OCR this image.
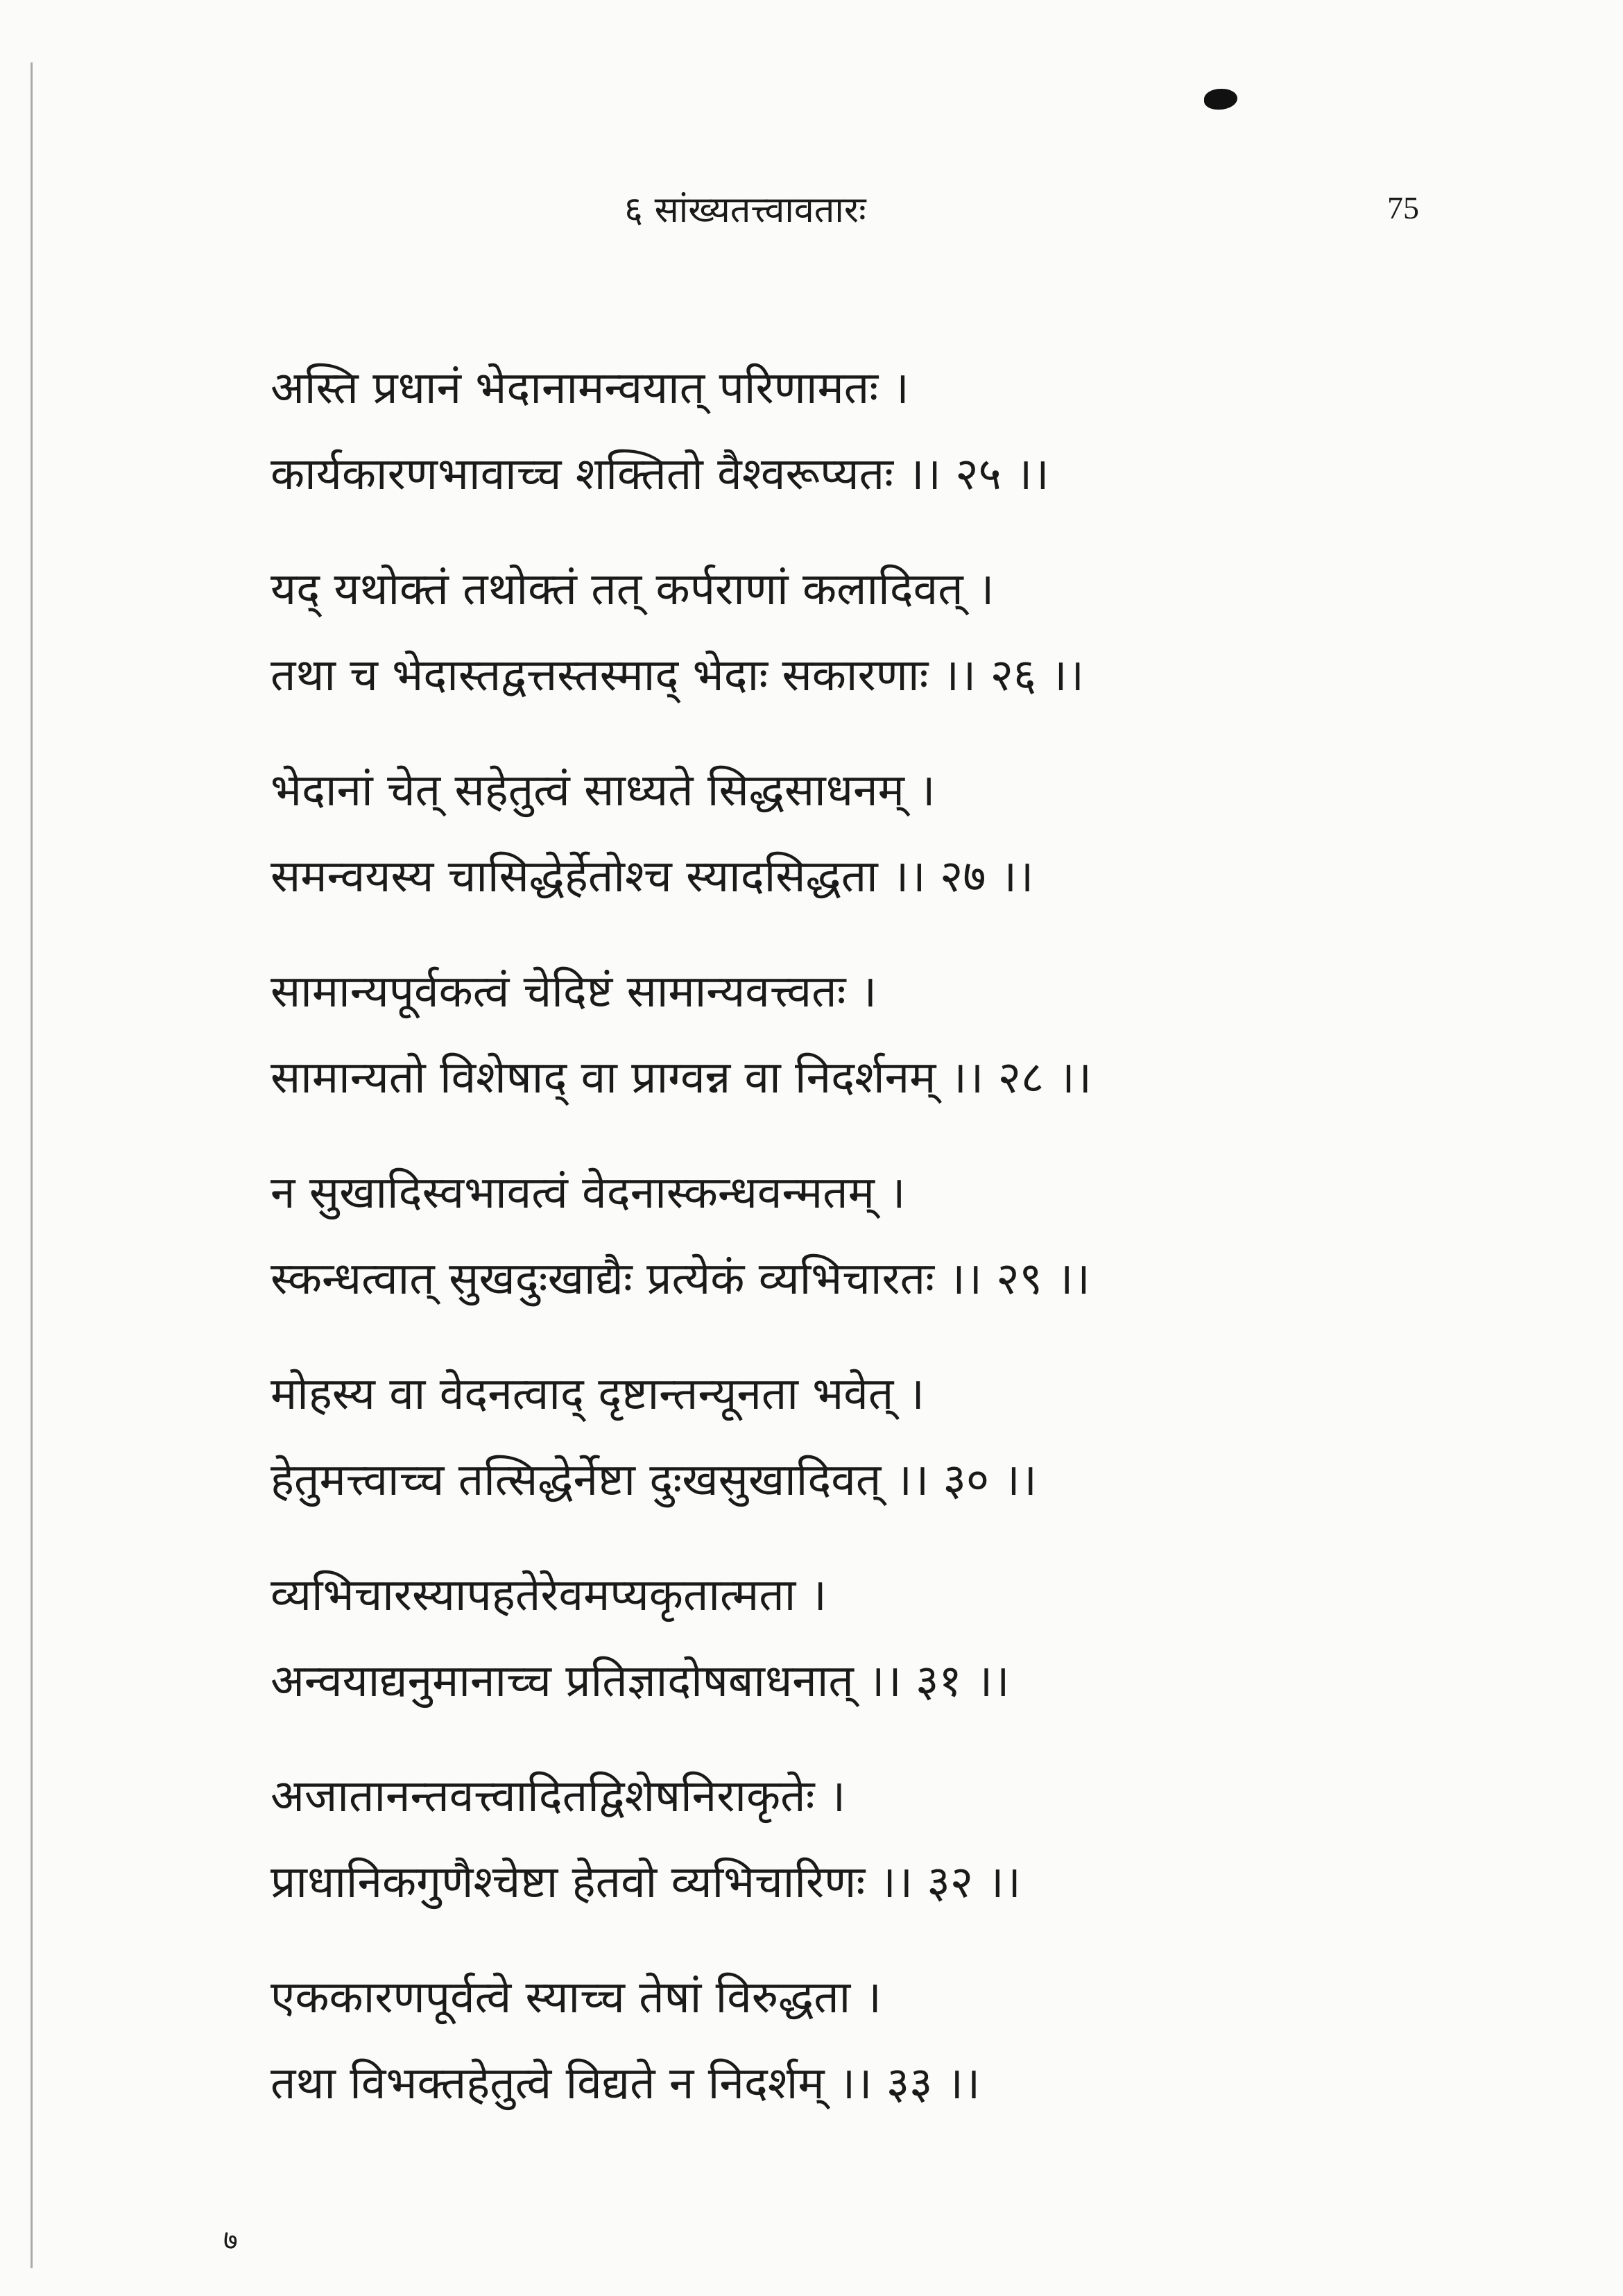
६ सांख्यतत्त्वावतारः	75
अस्ति प्रधानं भेदानामन्वयात् परिणामतः ।
कार्यकारणभावाच्च शक्तितो वैश्वरूप्यतः ।। २५ ।।
यद् यथोक्तं तथोक्तं तत् कर्पराणां कलादिवत् ।
तथा च भेदास्तद्वत्तस्तस्माद् भेदाः सकारणाः ।। २६ ।।
भेदानां चेत् सहेतुत्वं साध्यते सिद्धसाधनम् ।
समन्वयस्य चासिद्धेर्हेतोश्च स्यादसिद्धता ।। २७ ।।
सामान्यपूर्वकत्वं चेदिष्टं सामान्यवत्त्वतः ।
सामान्यतो विशेषाद् वा प्राग्वन्न वा निदर्शनम् ।। २८ ।।
न सुखादिस्वभावत्वं वेदनास्कन्धवन्मतम् ।
स्कन्धत्वात् सुखदुःखाद्यैः प्रत्येकं व्यभिचारतः ।। २९ ।।
मोहस्य वा वेदनत्वाद् दृष्टान्तन्यूनता भवेत् ।
हेतुमत्त्वाच्च तत्सिद्धेर्नेष्टा दुःखसुखादिवत् ।। ३० ।।
व्यभिचारस्यापहतेरेवमप्यकृतात्मता ।
अन्वयाद्यनुमानाच्च प्रतिज्ञादोषबाधनात् ।। ३१ ।।
अजातानन्तवत्त्वादितद्विशेषनिराकृतेः ।
प्राधानिकगुणैश्चेष्टा हेतवो व्यभिचारिणः ।। ३२ ।।
एककारणपूर्वत्वे स्याच्च तेषां विरुद्धता ।
तथा विभक्तहेतुत्वे विद्यते न निदर्शम् ।। ३३ ।।
७
